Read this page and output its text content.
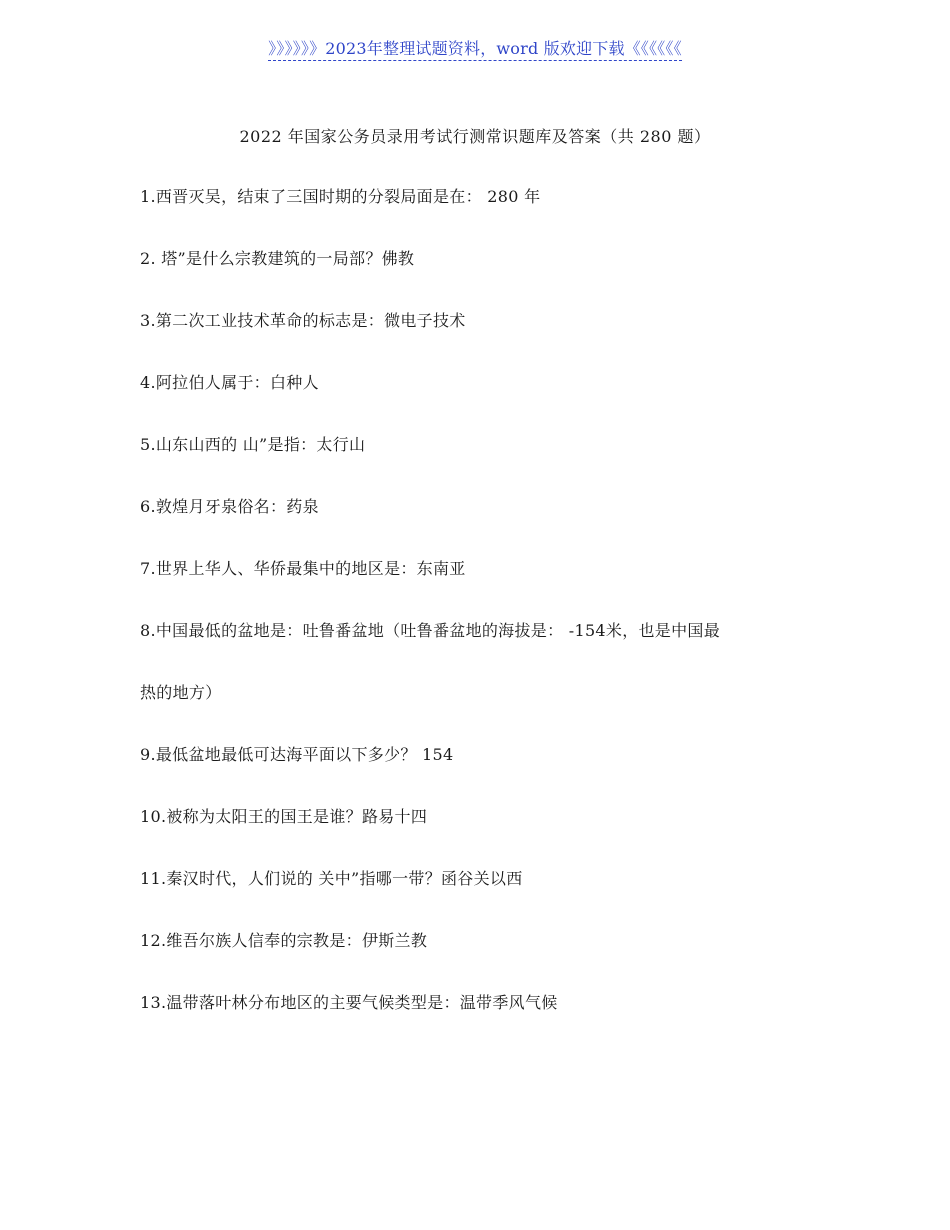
》》》》》》2023年整理试题资料，word 版欢迎下载《《《《《《
2022 年国家公务员录用考试行测常识题库及答案（共 280 题）
1.西晋灭吴，结束了三国时期的分裂局面是在： 280 年
2. 塔”是什么宗教建筑的一局部？佛教
3.第二次工业技术革命的标志是：微电子技术
4.阿拉伯人属于：白种人
5.山东山西的 山”是指：太行山
6.敦煌月牙泉俗名：药泉
7.世界上华人、华侨最集中的地区是：东南亚
8.中国最低的盆地是：吐鲁番盆地（吐鲁番盆地的海拔是： -154米，也是中国最
热的地方）
9.最低盆地最低可达海平面以下多少？ 154
10.被称为太阳王的国王是谁？路易十四
11.秦汉时代，人们说的 关中”指哪一带？函谷关以西
12.维吾尔族人信奉的宗教是：伊斯兰教
13.温带落叶林分布地区的主要气候类型是：温带季风气候
